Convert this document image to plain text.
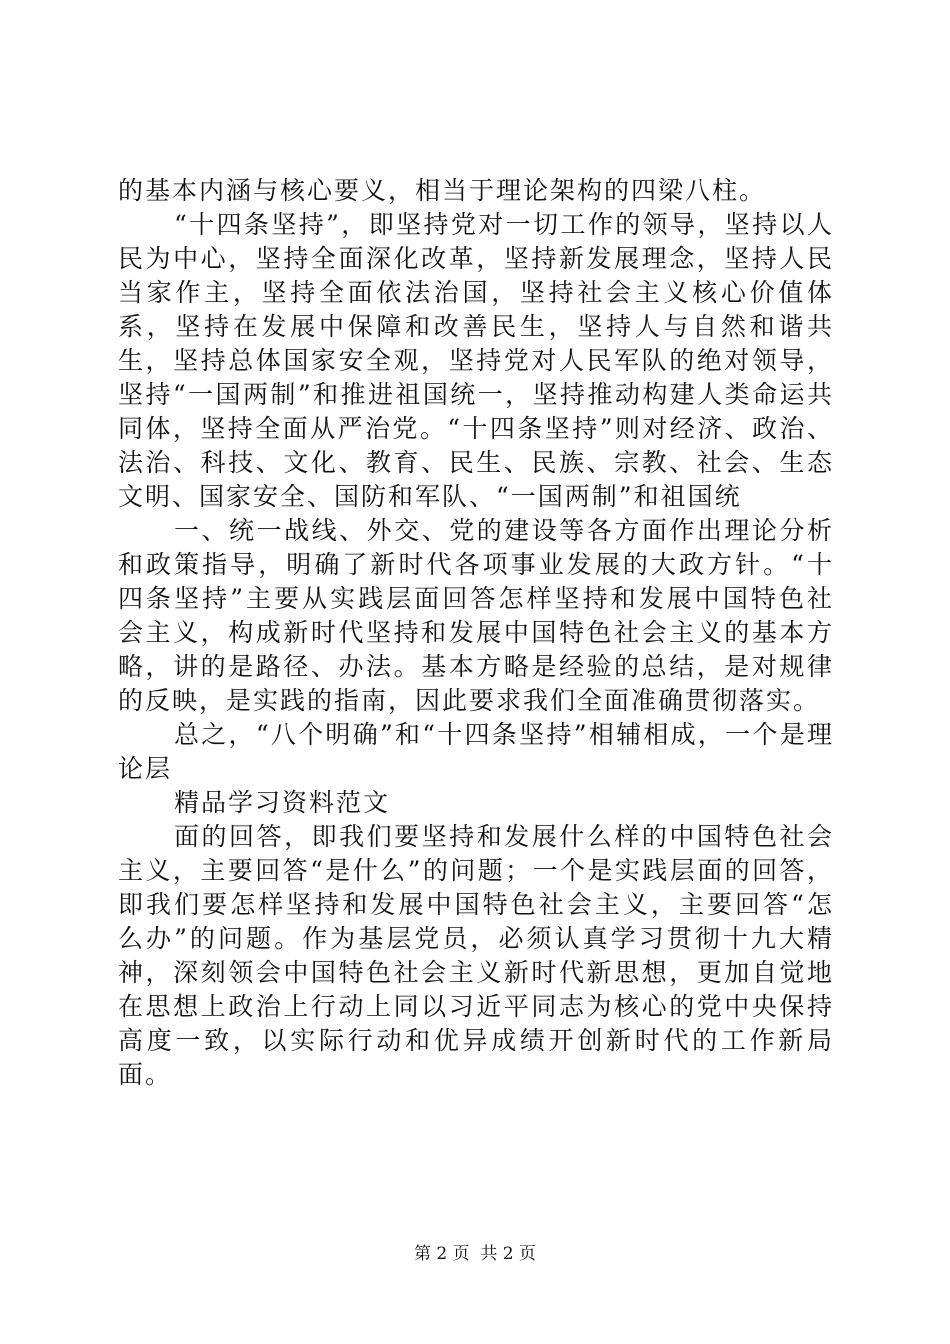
的基本内涵与核心要义，相当于理论架构的四梁八柱。

“十四条坚持”，即坚持党对一切工作的领导，坚持以人民为中心，坚持全面深化改革，坚持新发展理念，坚持人民当家作主，坚持全面依法治国，坚持社会主义核心价值体系，坚持在发展中保障和改善民生，坚持人与自然和谐共生，坚持总体国家安全观，坚持党对人民军队的绝对领导，坚持“一国两制”和推进祖国统一，坚持推动构建人类命运共同体，坚持全面从严治党。“十四条坚持”则对经济、政治、法治、科技、文化、教育、民生、民族、宗教、社会、生态文明、国家安全、国防和军队、“一国两制”和祖国统

一、统一战线、外交、党的建设等各方面作出理论分析和政策指导，明确了新时代各项事业发展的大政方针。“十四条坚持”主要从实践层面回答怎样坚持和发展中国特色社会主义，构成新时代坚持和发展中国特色社会主义的基本方略，讲的是路径、办法。基本方略是经验的总结，是对规律的反映，是实践的指南，因此要求我们全面准确贯彻落实。

总之，“八个明确”和“十四条坚持”相辅相成，一个是理论层

精品学习资料范文

面的回答，即我们要坚持和发展什么样的中国特色社会主义，主要回答“是什么”的问题；一个是实践层面的回答，即我们要怎样坚持和发展中国特色社会主义，主要回答“怎么办”的问题。作为基层党员，必须认真学习贯彻十九大精神，深刻领会中国特色社会主义新时代新思想，更加自觉地在思想上政治上行动上同以习近平同志为核心的党中央保持高度一致，以实际行动和优异成绩开创新时代的工作新局面。

第 2 页  共 2 页
